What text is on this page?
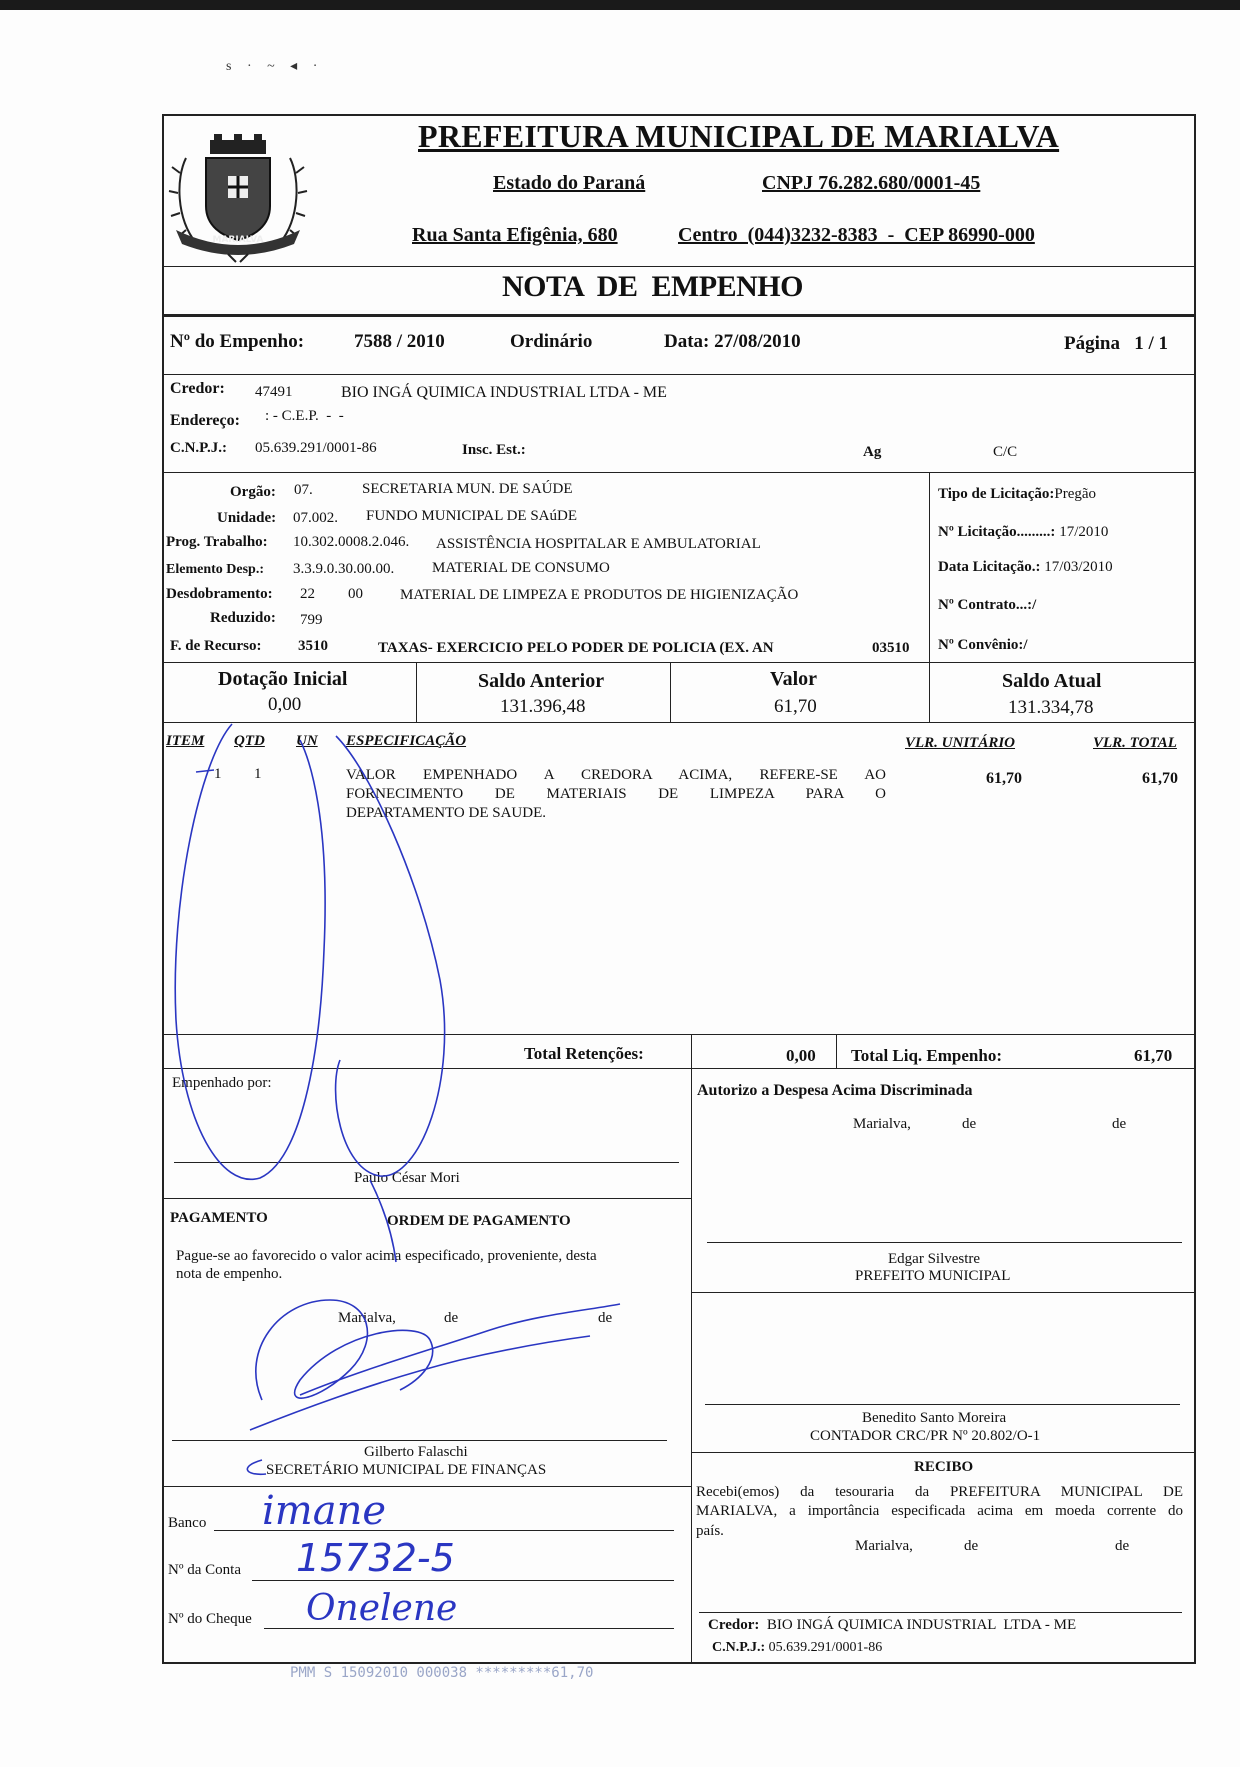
s · ~ ◂ ·
MARIALVA
PREFEITURA MUNICIPAL DE MARIALVA
Estado do Paraná	CNPJ 76.282.680/0001-45
Rua Santa Efigênia, 680	Centro  (044)3232-8383  -  CEP 86990-000
NOTA  DE  EMPENHO
Nº do Empenho:	7588 / 2010	Ordinário	Data: 27/08/2010	Página   1 / 1
Credor: 47491	BIO INGÁ QUIMICA INDUSTRIAL LTDA - ME
Endereço: : - C.E.P.  -  -
C.N.P.J.: 05.639.291/0001-86	Insc. Est.:	Ag	C/C
Orgão: 07.	SECRETARIA MUN. DE SAÚDE
Unidade: 07.002. FUNDO MUNICIPAL DE SAúDE
Prog. Trabalho: 10.302.0008.2.046. ASSISTÊNCIA HOSPITALAR E AMBULATORIAL
Elemento Desp.: 3.3.9.0.30.00.00.	MATERIAL DE CONSUMO
Desdobramento: 22 00 MATERIAL DE LIMPEZA E PRODUTOS DE HIGIENIZAÇÃO
Reduzido: 799
F. de Recurso: 3510	TAXAS- EXERCICIO PELO PODER DE POLICIA (EX. AN	03510
Tipo de Licitação:Pregão
Nº Licitação.........: 17/2010
Data Licitação.: 17/03/2010
Nº Contrato...:/
Nº Convênio:/
Dotação Inicial
0,00
Saldo Anterior
131.396,48
Valor
61,70
Saldo Atual
131.334,78
ITEM QTD UN ESPECIFICAÇÃO	VLR. UNITÁRIO	VLR. TOTAL
1 1	VALOR EMPENHADO A CREDORA ACIMA, REFERE-SE AO
FORNECIMENTO DE MATERIAIS DE LIMPEZA PARA O
DEPARTAMENTO DE SAUDE.
61,70	61,70
Total Retenções:	0,00 Total Liq. Empenho:	61,70
Empenhado por:
Paulo César Mori
Autorizo a Despesa Acima Discriminada
Marialva,	de	de
Edgar Silvestre
PREFEITO MUNICIPAL
PAGAMENTO	ORDEM DE PAGAMENTO
Pague-se ao favorecido o valor acima especificado, proveniente, desta
nota de empenho.
Marialva,	de	de
Gilberto Falaschi
SECRETÁRIO MUNICIPAL DE FINANÇAS
Benedito Santo Moreira
CONTADOR CRC/PR Nº 20.802/O-1
RECIBO
Recebi(emos) da tesouraria da PREFEITURA MUNICIPAL DE
MARIALVA, a importância especificada acima em moeda corrente do
país.
Marialva,	de	de
Credor: BIO INGÁ QUIMICA INDUSTRIAL  LTDA - ME
C.N.P.J.: 05.639.291/0001-86
Banco
Nº da Conta
Nº do Cheque
i​mane
15732-5
Onelene
PMM S 15092010 000038 *********61,70
